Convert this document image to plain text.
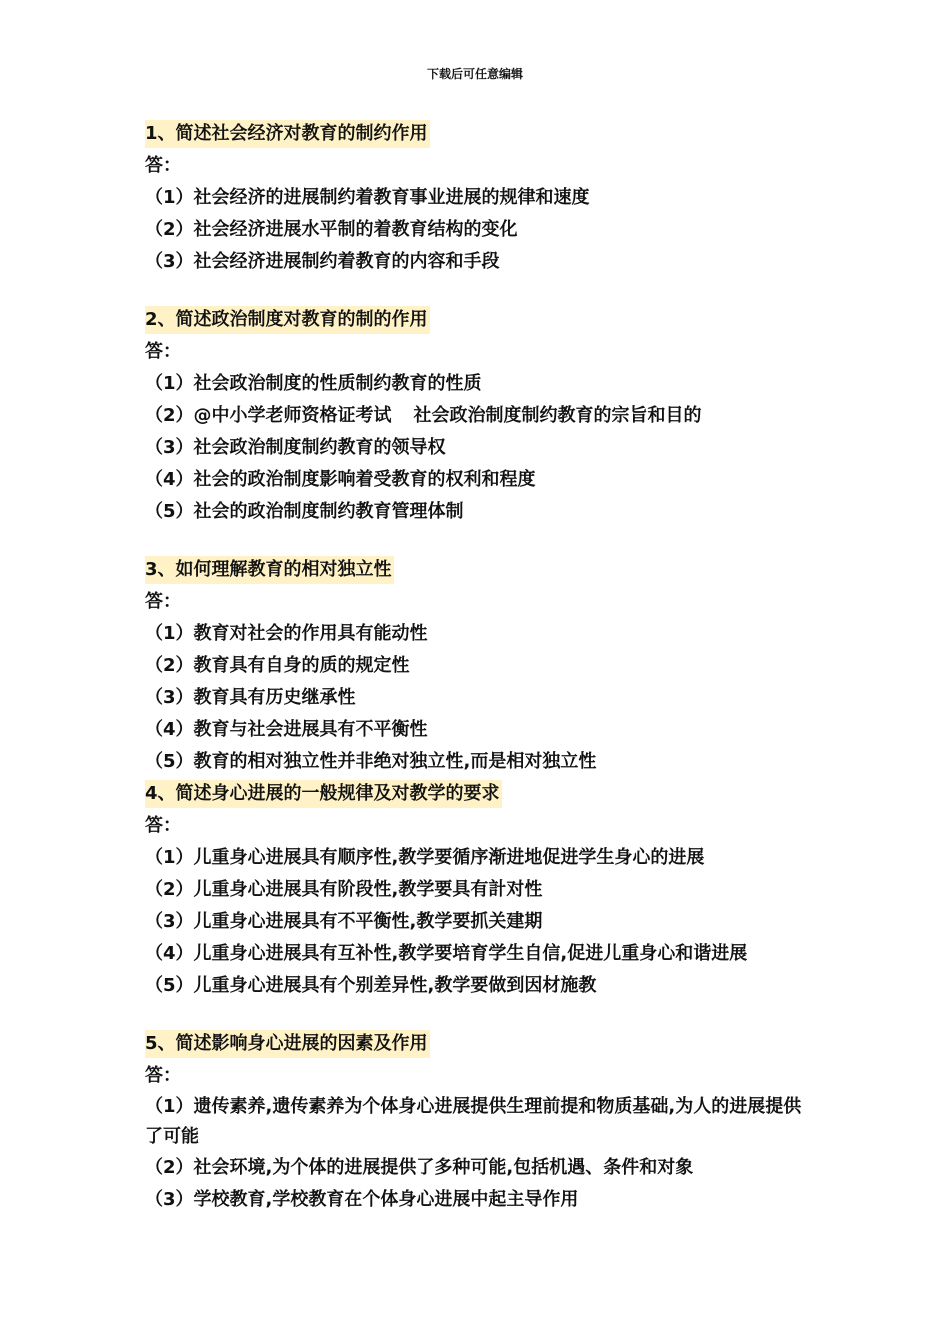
下载后可任意编辑
1、简述社会经济对教育的制约作用
答：
（1）社会经济的进展制约着教育事业进展的规律和速度
（2）社会经济进展水平制的着教育结构的变化
（3）社会经济进展制约着教育的内容和手段
2、简述政治制度对教育的制的作用
答：
（1）社会政治制度的性质制约教育的性质
（2）@中小学老师资格证考试 社会政治制度制约教育的宗旨和目的
（3）社会政治制度制约教育的领导权
（4）社会的政治制度影响着受教育的权利和程度
（5）社会的政治制度制约教育管理体制
3、如何理解教育的相对独立性
答：
（1）教育对社会的作用具有能动性
（2）教育具有自身的质的规定性
（3）教育具有历史继承性
（4）教育与社会进展具有不平衡性
（5）教育的相对独立性并非绝对独立性,而是相对独立性
4、简述身心进展的一般规律及对教学的要求
答：
（1）儿重身心进展具有顺序性,教学要循序渐进地促进学生身心的进展
（2）儿重身心进展具有阶段性,教学要具有計对性
（3）儿重身心进展具有不平衡性,教学要抓关建期
（4）儿重身心进展具有互补性,教学要培育学生自信,促进儿重身心和谐进展
（5）儿重身心进展具有个别差异性,教学要做到因材施教
5、简述影响身心进展的因素及作用
答：
（1）遗传素养,遗传素养为个体身心进展提供生理前提和物质基础,为人的进展提供了可能
（2）社会环境,为个体的进展提供了多种可能,包括机遇、条件和对象
（3）学校教育,学校教育在个体身心进展中起主导作用
